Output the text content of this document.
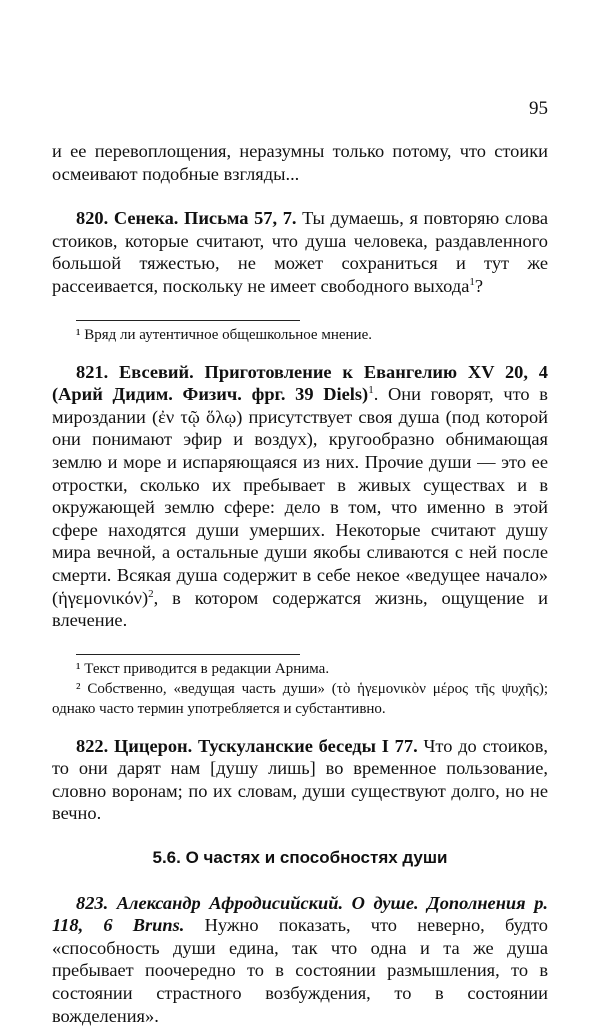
95

и ее перевоплощения, неразумны только потому, что стоики осмеивают подобные взгляды...

820. Сенека. Письма 57, 7. Ты думаешь, я повторяю слова стоиков, которые считают, что душа человека, раздавленного большой тяжестью, не может сохраниться и тут же рассеивается, поскольку не имеет свободного выхода$^1$?

¹ Вряд ли аутентичное общешкольное мнение.

821. Евсевий. Приготовление к Евангелию XV 20, 4 (Арий Дидим. Физич. фрг. 39 Diels)$^1$. Они говорят, что в мироздании (ἐν τῷ ὅλῳ) присутствует своя душа (под которой они понимают эфир и воздух), кругообразно обнимающая землю и море и испаряющаяся из них. Прочие души — это ее отростки, сколько их пребывает в живых существах и в окружающей землю сфере: дело в том, что именно в этой сфере находятся души умерших. Некоторые считают душу мира вечной, а остальные души якобы сливаются с ней после смерти. Всякая душа содержит в себе некое «ведущее начало» (ἡγεμονικόν)$^2$, в котором содержатся жизнь, ощущение и влечение.

¹ Текст приводится в редакции Арнима.

² Собственно, «ведущая часть души» (τὸ ἡγεμονικὸν μέρος τῆς ψυχῆς); однако часто термин употребляется и субстантивно.

822. Цицерон. Тускуланские беседы I 77. Что до стоиков, то они дарят нам [душу лишь] во временное пользование, словно воронам; по их словам, души существуют долго, но не вечно.

5.6. О частях и способностях души

823. Александр Афродисийский. О душе. Дополнения p. 118, 6 Bruns. Нужно показать, что неверно, будто «способность души едина, так что одна и та же душа пребывает поочередно то в состоянии размышления, то в состоянии страстного возбуждения, то в состоянии вожделения».
